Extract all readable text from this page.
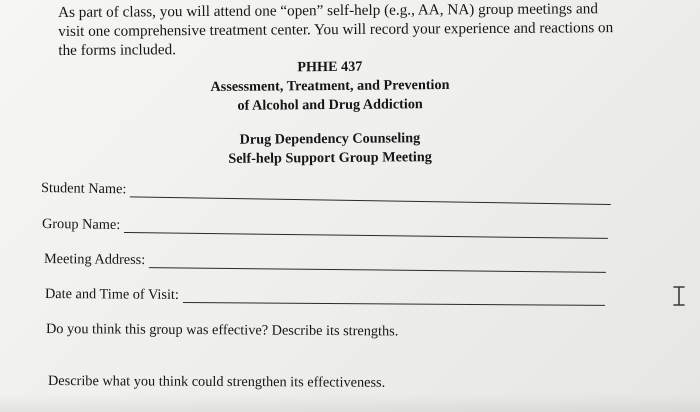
As part of class, you will attend one “open” self-help (e.g., AA, NA) group meetings and
visit one comprehensive treatment center. You will record your experience and reactions on
the forms included.
PHHE 437
Assessment, Treatment, and Prevention
of Alcohol and Drug Addiction
Drug Dependency Counseling
Self-help Support Group Meeting
Student Name:
Group Name:
Meeting Address:
Date and Time of Visit:
Do you think this group was effective? Describe its strengths.
Describe what you think could strengthen its effectiveness.
